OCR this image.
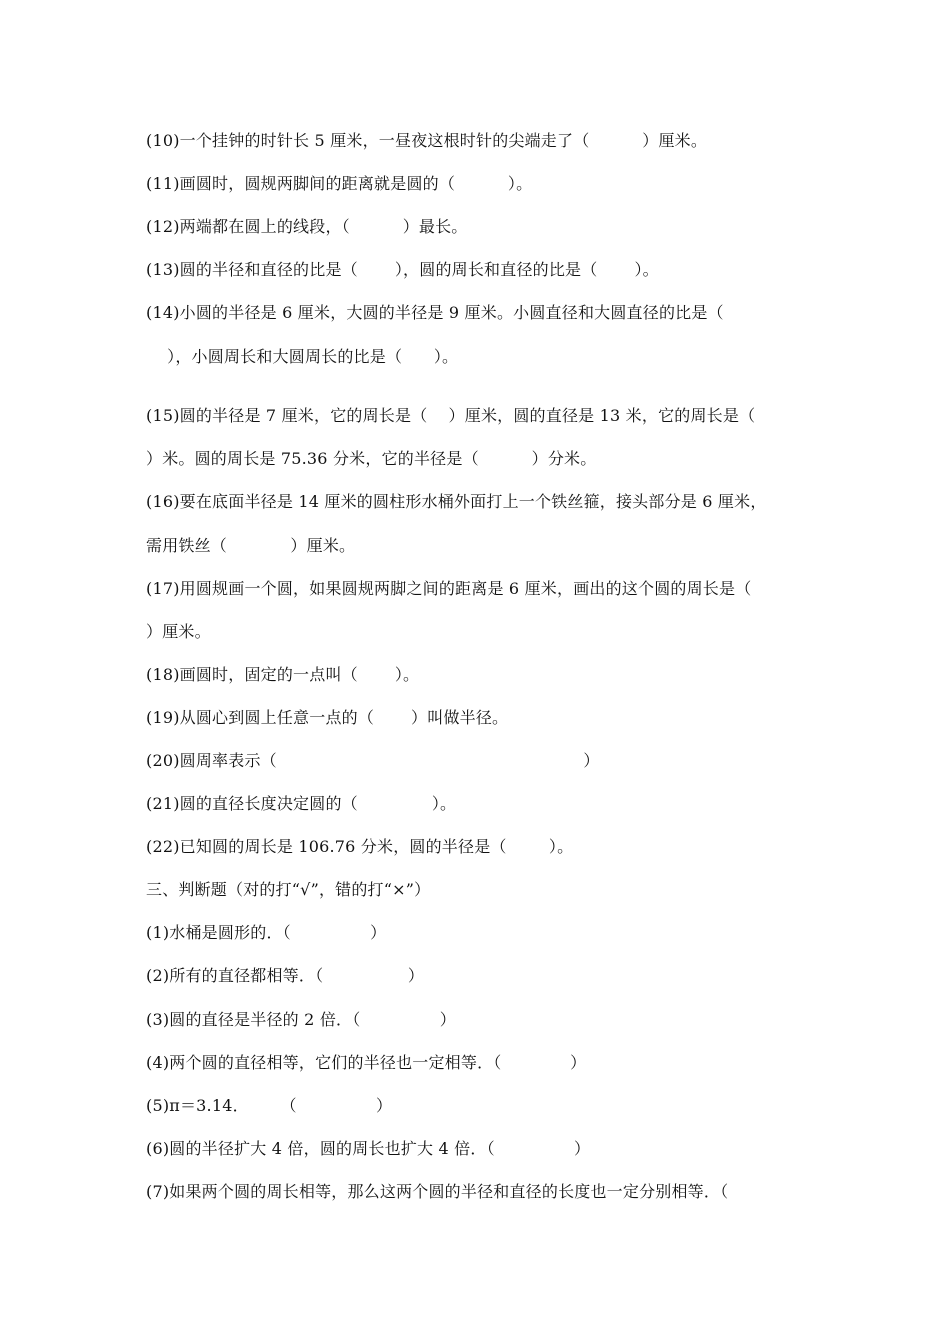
(10)一个挂钟的时针长 5 厘米，一昼夜这根时针的尖端走了（          ）厘米。
(11)画圆时，圆规两脚间的距离就是圆的（          ）。
(12)两端都在圆上的线段，（          ）最长。
(13)圆的半径和直径的比是（       ），圆的周长和直径的比是（       ）。
(14)小圆的半径是 6 厘米，大圆的半径是 9 厘米。小圆直径和大圆直径的比是（
），小圆周长和大圆周长的比是（      ）。
(15)圆的半径是 7 厘米，它的周长是（    ）厘米，圆的直径是 13 米，它的周长是（
）米。圆的周长是 75.36 分米，它的半径是（          ）分米。
(16)要在底面半径是 14 厘米的圆柱形水桶外面打上一个铁丝箍，接头部分是 6 厘米，
需用铁丝（            ）厘米。
(17)用圆规画一个圆，如果圆规两脚之间的距离是 6 厘米，画出的这个圆的周长是（
）厘米。
(18)画圆时，固定的一点叫（       ）。
(19)从圆心到圆上任意一点的（       ）叫做半径。
(20)圆周率表示（                                                          ）
(21)圆的直径长度决定圆的（              ）。
(22)已知圆的周长是 106.76 分米，圆的半径是（        ）。
三、判断题（对的打“√”，错的打“×”）
(1)水桶是圆形的．（               ）
(2)所有的直径都相等．（                ）
(3)圆的直径是半径的 2 倍．（               ）
(4)两个圆的直径相等，它们的半径也一定相等．（             ）
(5)π＝3.14．      （               ）
(6)圆的半径扩大 4 倍，圆的周长也扩大 4 倍．（               ）
(7)如果两个圆的周长相等，那么这两个圆的半径和直径的长度也一定分别相等．（
